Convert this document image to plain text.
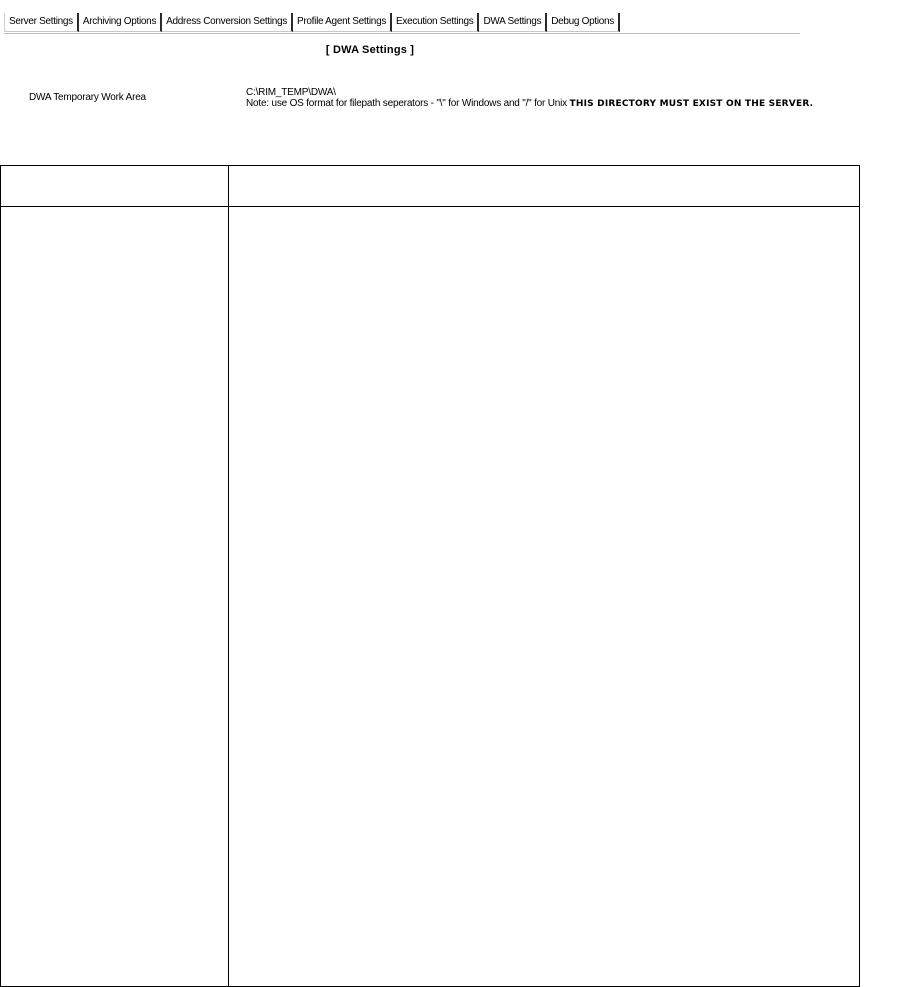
Server Settings	Archiving Options	Address Conversion Settings	Profile Agent Settings	Execution Settings	DWA Settings	Debug Options
[ DWA Settings ]
DWA Temporary Work Area	C:\RIM_TEMP\DWA\
Note: use OS format for filepath seperators - "\" for Windows and "/" for Unix THIS DIRECTORY MUST EXIST ON THE SERVER.
